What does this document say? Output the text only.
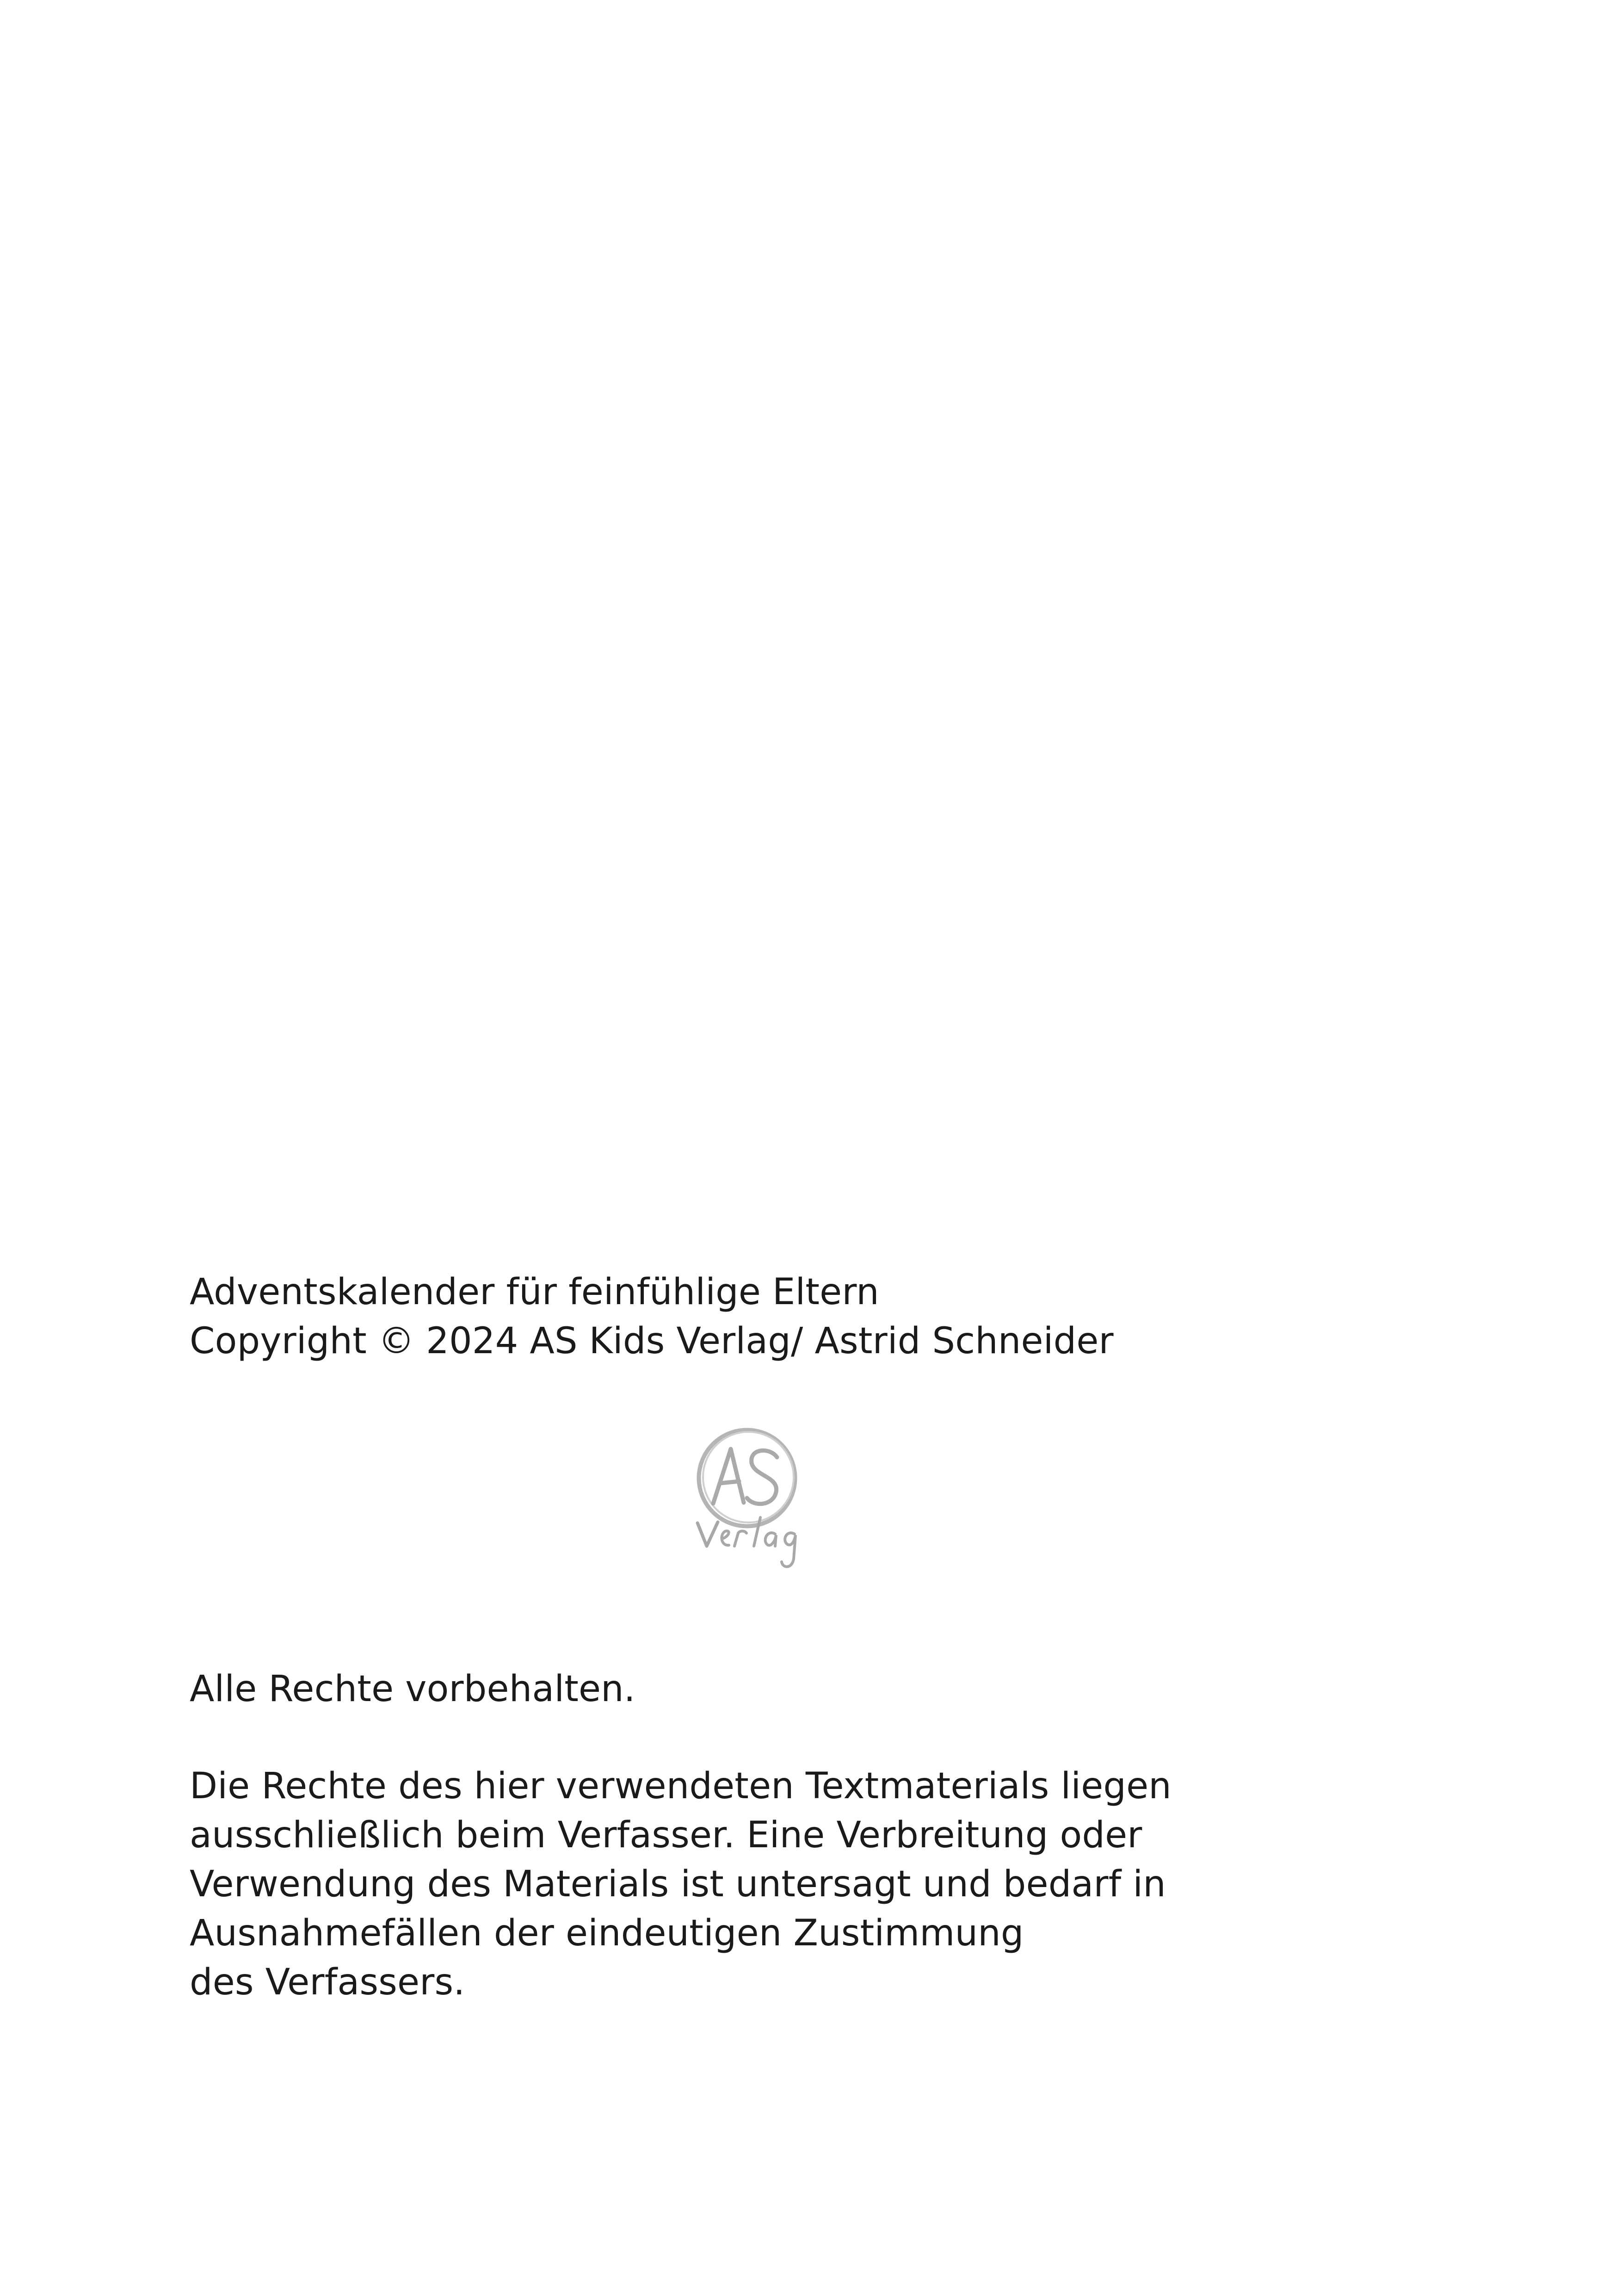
Adventskalender für feinfühlige Eltern

Copyright © 2024 AS Kids Verlag/ Astrid Schneider

Alle Rechte vorbehalten.

Die Rechte des hier verwendeten Textmaterials liegen

ausschließlich beim Verfasser. Eine Verbreitung oder

Verwendung des Materials ist untersagt und bedarf in

Ausnahmefällen der eindeutigen Zustimmung

des Verfassers.
